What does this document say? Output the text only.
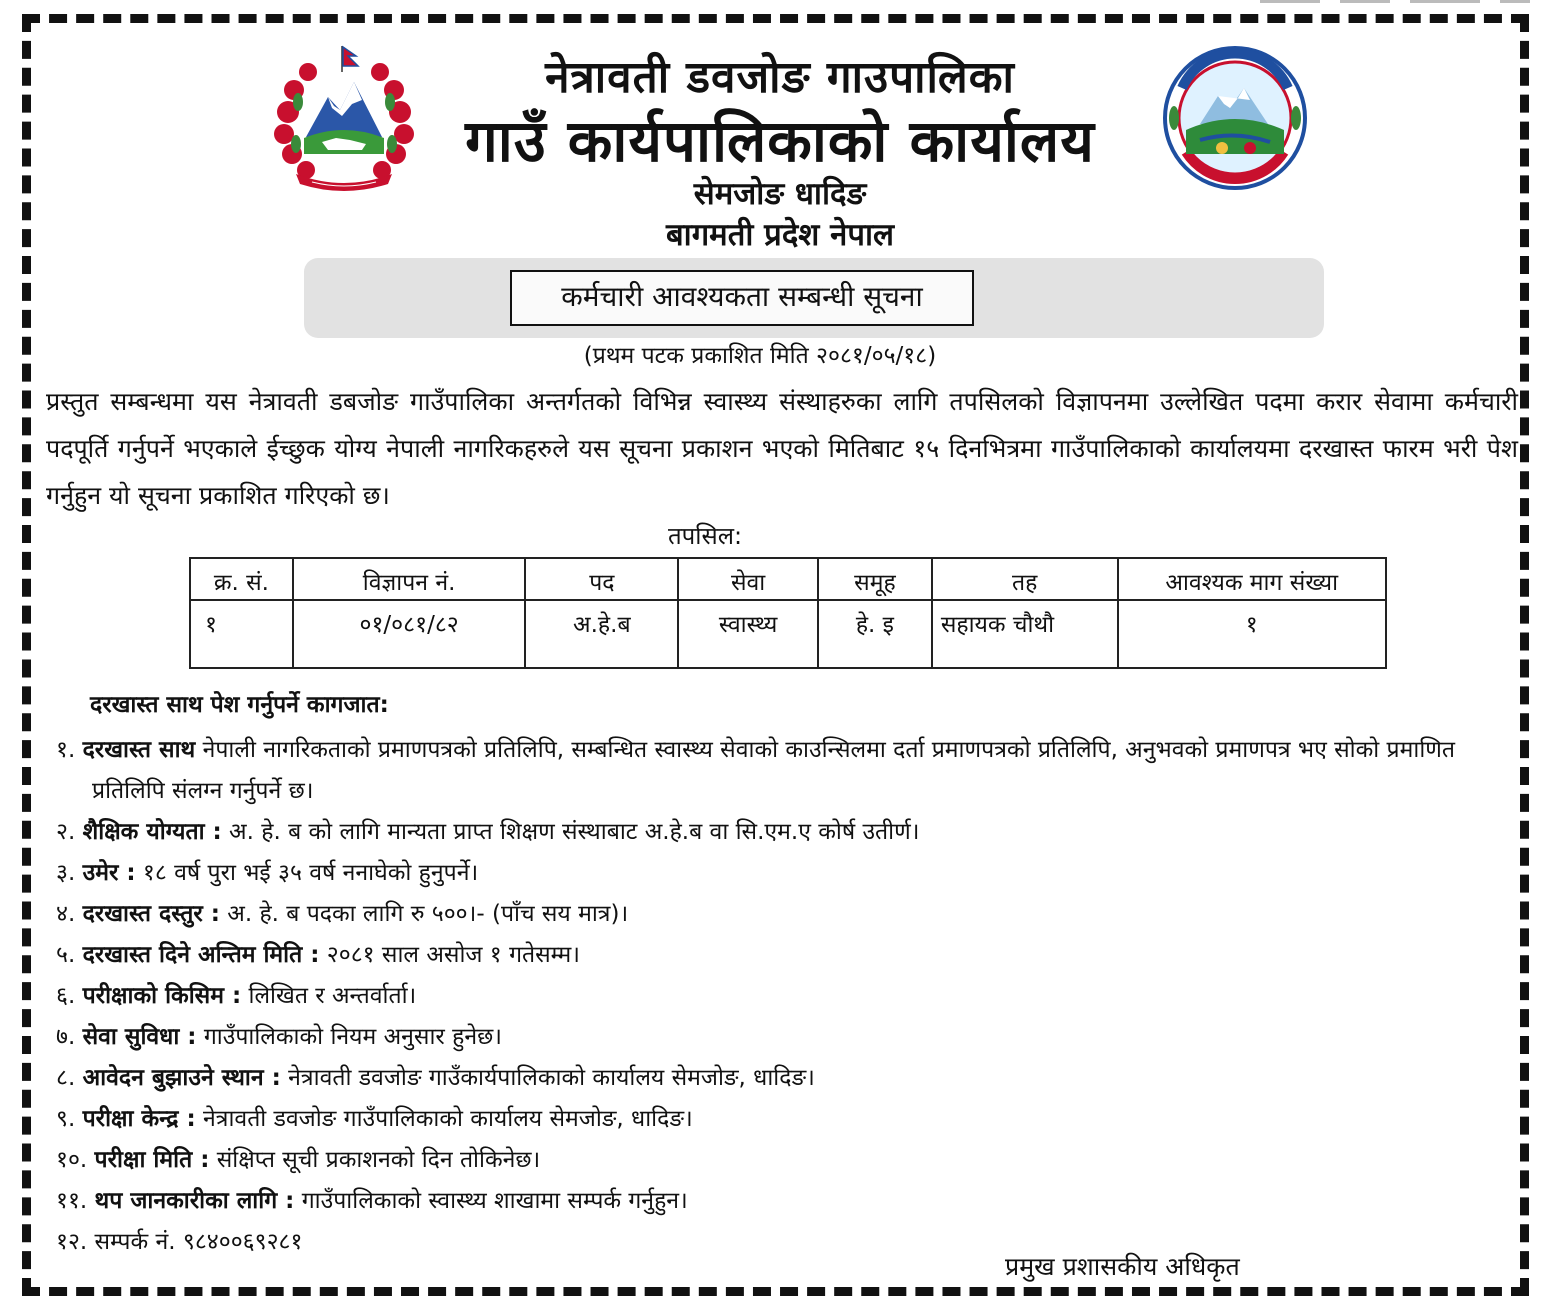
नेत्रावती डवजोङ गाउपालिका
गाउँ कार्यपालिकाको कार्यालय
सेमजोङ धादिङ
बागमती प्रदेश नेपाल
कर्मचारी आवश्यकता सम्बन्धी सूचना
(प्रथम पटक प्रकाशित मिति २०८१/०५/१८)
प्रस्तुत सम्बन्धमा यस नेत्रावती डबजोङ गाउँपालिका अन्तर्गतको विभिन्न स्वास्थ्य संस्थाहरुका लागि तपसिलको विज्ञापनमा उल्लेखित पदमा करार सेवामा कर्मचारी पदपूर्ति गर्नुपर्ने भएकाले ईच्छुक योग्य नेपाली नागरिकहरुले यस सूचना प्रकाशन भएको मितिबाट १५ दिनभित्रमा गाउँपालिकाको कार्यालयमा दरखास्त फारम भरी पेश गर्नुहुन यो सूचना प्रकाशित गरिएको छ।
तपसिल:
क्र. सं.	विज्ञापन नं.	पद	सेवा	समूह	तह	आवश्यक माग संख्या
१	०१/०८१/८२	अ.हे.ब	स्वास्थ्य	हे. इ	सहायक चौथौ	१
दरखास्त साथ पेश गर्नुपर्ने कागजात:
१. दरखास्त साथ नेपाली नागरिकताको प्रमाणपत्रको प्रतिलिपि, सम्बन्धित स्वास्थ्य सेवाको काउन्सिलमा दर्ता प्रमाणपत्रको प्रतिलिपि, अनुभवको प्रमाणपत्र भए सोको प्रमाणित प्रतिलिपि संलग्न गर्नुपर्ने छ।
२. शैक्षिक योग्यता : अ. हे. ब को लागि मान्यता प्राप्त शिक्षण संस्थाबाट अ.हे.ब वा सि.एम.ए कोर्ष उतीर्ण।
३. उमेर : १८ वर्ष पुरा भई ३५ वर्ष ननाघेको हुनुपर्ने।
४. दरखास्त दस्तुर : अ. हे. ब पदका लागि रु ५००।- (पाँच सय मात्र)।
५. दरखास्त दिने अन्तिम मिति : २०८१ साल असोज १ गतेसम्म।
६. परीक्षाको किसिम : लिखित र अन्तर्वार्ता।
७. सेवा सुविधा : गाउँपालिकाको नियम अनुसार हुनेछ।
८. आवेदन बुझाउने स्थान : नेत्रावती डवजोङ गाउँकार्यपालिकाको कार्यालय सेमजोङ, धादिङ।
९. परीक्षा केन्द्र : नेत्रावती डवजोङ गाउँपालिकाको कार्यालय सेमजोङ, धादिङ।
१०. परीक्षा मिति : संक्षिप्त सूची प्रकाशनको दिन तोकिनेछ।
११. थप जानकारीका लागि : गाउँपालिकाको स्वास्थ्य शाखामा सम्पर्क गर्नुहुन।
१२. सम्पर्क नं. ९८४००६९२८१
प्रमुख प्रशासकीय अधिकृत
